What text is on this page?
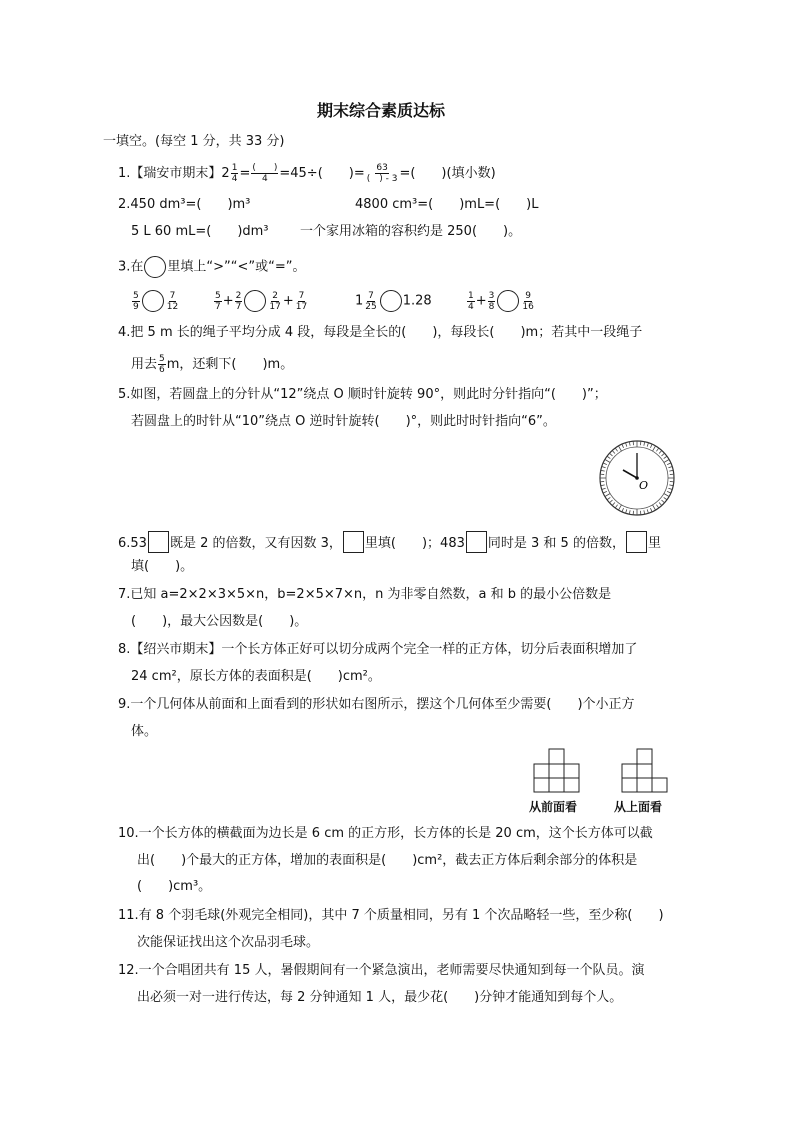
期末综合素质达标
一填空。(每空 1 分，共 33 分)
1.【瑞安市期末】$2 \frac{1}{4} = \frac{( )}{4} =45\div$(　　)= $\frac{63}{( ) - 3}$ =(　　)(填小数)
2.450 dm³=(　　)m³	4800 cm³=(　　)mL=(　　)L
5 L 60 mL=(　　)dm³ 一个家用冰箱的容积约是 250(　　)。
3.在 里填上“>”“<”或“=”。
$\frac{5}{9}$	$\frac{7}{12}$	$\frac{5}{7} + \frac{2}{7}$	$\frac{2}{17} + \frac{7}{17}$	$1 \frac{7}{25} 1.28$	$\frac{1}{4} + \frac{3}{8}$	$\frac{9}{16}$
4.把 5 m 长的绳子平均分成 4 段，每段是全长的(　　)，每段长(　　)m；若其中一段绳子
用去 $\frac{5}{6}$ m，还剩下(　　)m。
5.如图，若圆盘上的分针从“12”绕点 O 顺时针旋转 90°，则此时分针指向“(　　)”；
若圆盘上的时针从“10”绕点 O 逆时针旋转(　　)°，则此时时针指向“6”。
O
6.53 既是 2 的倍数，又有因数 3， 里填(　　)；483 同时是 3 和 5 的倍数， 里
填(　　)。
7.已知 a=2×2×3×5×n，b=2×5×7×n，n 为非零自然数，a 和 b 的最小公倍数是
(　　)，最大公因数是(　　)。
8.【绍兴市期末】一个长方体正好可以切分成两个完全一样的正方体，切分后表面积增加了
24 cm²，原长方体的表面积是(　　)cm²。
9.一个几何体从前面和上面看到的形状如右图所示，摆这个几何体至少需要(　　)个小正方
体。
从前面看	从上面看
10.一个长方体的横截面为边长是 6 cm 的正方形，长方体的长是 20 cm，这个长方体可以截
出(　　)个最大的正方体，增加的表面积是(　　)cm²，截去正方体后剩余部分的体积是
(　　)cm³。
11.有 8 个羽毛球(外观完全相同)，其中 7 个质量相同，另有 1 个次品略轻一些，至少称(　　)
次能保证找出这个次品羽毛球。
12.一个合唱团共有 15 人，暑假期间有一个紧急演出，老师需要尽快通知到每一个队员。演
出必须一对一进行传达，每 2 分钟通知 1 人，最少花(　　)分钟才能通知到每个人。
